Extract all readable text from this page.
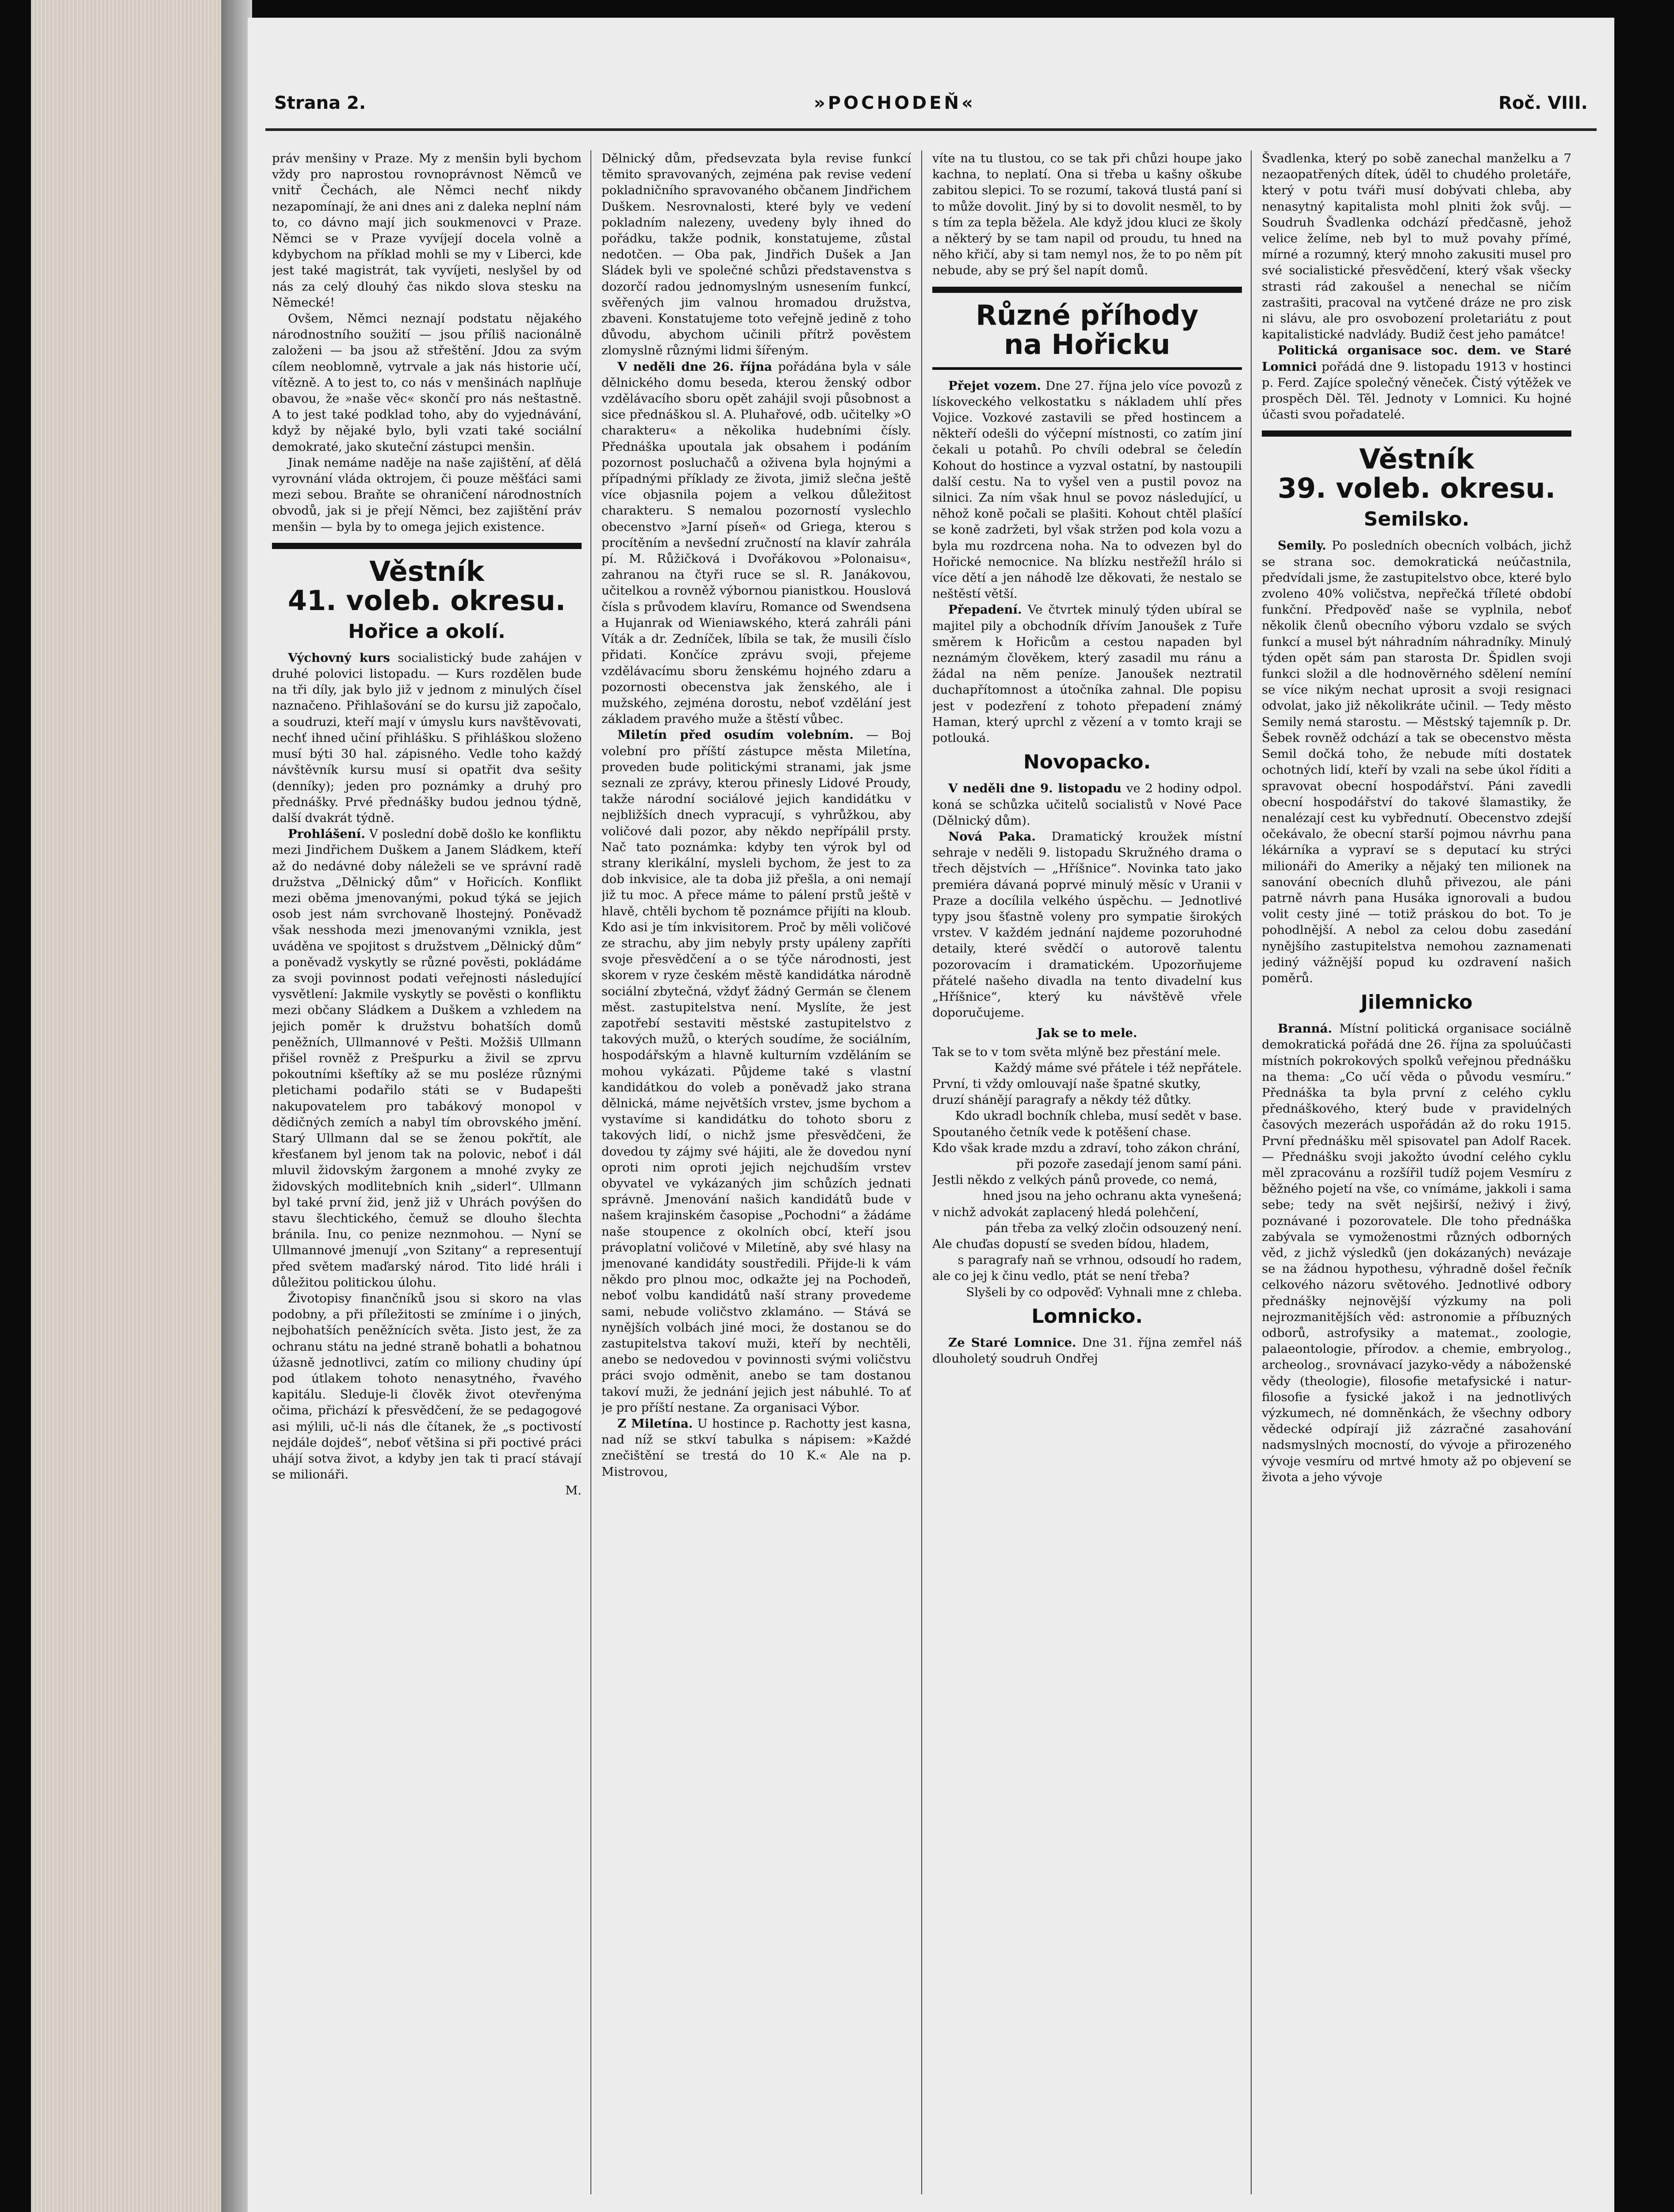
Strana 2.	»POCHODEŇ«	Roč. VIII.

práv menšiny v Praze. My z menšin byli bychom vždy pro naprostou rovnoprávnost Němců ve vnitř Čechách, ale Němci nechť nikdy nezapomínají, že ani dnes ani z daleka neplní nám to, co dávno mají jich soukmenovci v Praze. Němci se v Praze vyvíjejí docela volně a kdybychom na příklad mohli se my v Liberci, kde jest také magistrát, tak vyvíjeti, neslyšel by od nás za celý dlouhý čas nikdo slova stesku na Německé!

Ovšem, Němci neznají podstatu nějakého národnostního soužití — jsou příliš nacionálně založeni — ba jsou až střeštění. Jdou za svým cílem neoblomně, vytrvale a jak nás historie učí, vítězně. A to jest to, co nás v menšinách naplňuje obavou, že »naše věc« skončí pro nás neštastně. A to jest také podklad toho, aby do vyjednávání, když by nějaké bylo, byli vzati také sociální demokraté, jako skuteční zástupci menšin.

Jinak nemáme naděje na naše zajištění, ať dělá vyrovnání vláda oktrojem, či pouze měšťáci sami mezi sebou. Braňte se ohraničení národnostních obvodů, jak si je přejí Němci, bez zajištění práv menšin — byla by to omega jejich existence.

Věstník
41. voleb. okresu.
Hořice a okolí.

Výchovný kurs socialistický bude zahájen v druhé polovici listopadu. — Kurs rozdělen bude na tři díly, jak bylo již v jednom z minulých čísel naznačeno. Přihlašování se do kursu již započalo, a soudruzi, kteří mají v úmyslu kurs navštěvovati, nechť ihned učiní přihlášku. S přihláškou složeno musí býti 30 hal. zápisného. Vedle toho každý návštěvník kursu musí si opatřit dva sešity (denníky); jeden pro poznámky a druhý pro přednášky. Prvé přednášky budou jednou týdně, další dvakrát týdně.

Prohlášení. V poslední době došlo ke konfliktu mezi Jindřichem Duškem a Janem Sládkem, kteří až do nedávné doby náleželi se ve správní radě družstva „Dělnický dům“ v Hořicích. Konflikt mezi oběma jmenovanými, pokud týká se jejich osob jest nám svrchovaně lhostejný. Poněvadž však nesshoda mezi jmenovanými vznikla, jest uváděna ve spojitost s družstvem „Dělnický dům“ a poněvadž vyskytly se různé pověsti, pokládáme za svoji povinnost podati veřejnosti následující vysvětlení: Jakmile vyskytly se pověsti o konfliktu mezi občany Sládkem a Duškem a vzhledem na jejich poměr k družstvu bohatších domů peněžních, Ullmannové v Pešti. Možšiš Ullmann přišel rovněž z Prešpurku a živil se zprvu pokoutními kšeftíky až se mu posléze různými pletichami podařilo státi se v Budapešti nakupovatelem pro tabákový monopol v dědičných zemích a nabyl tím obrovského jmění. Starý Ullmann dal se se ženou pokřtít, ale křesťanem byl jenom tak na polovic, neboť i dál mluvil židovským žargonem a mnohé zvyky ze židovských modlitebních knih „siderl“. Ullmann byl také první žid, jenž již v Uhrách povýšen do stavu šlechtického, čemuž se dlouho šlechta bránila. Inu, co penize neznmohou. — Nyní se Ullmannové jmenují „von Szitany“ a representují před světem maďarský národ. Tito lidé hráli i důležitou politickou úlohu.

Životopisy finančníků jsou si skoro na vlas podobny, a při příležitosti se zmíníme i o jiných, nejbohatších peněžnících světa. Jisto jest, že za ochranu státu na jedné straně bohatli a bohatnou úžasně jednotlivci, zatím co miliony chudiny úpí pod útlakem tohoto nenasytného, řvavého kapitálu. Sleduje-li člověk život otevřenýma očima, přichází k přesvědčení, že se pedagogové asi mýlili, uč-li nás dle čítanek, že „s poctivostí nejdále dojdeš“, neboť většina si při poctivé práci uhájí sotva život, a kdyby jen tak ti prací stávají se milionáři.

M.

Dělnický dům, předsevzata byla revise funkcí těmito spravovaných, zejména pak revise vedení pokladničního spravovaného občanem Jindřichem Duškem. Nesrovnalosti, které byly ve vedení pokladním nalezeny, uvedeny byly ihned do pořádku, takže podnik, konstatujeme, zůstal nedotčen. — Oba pak, Jindřich Dušek a Jan Sládek byli ve společné schůzi představenstva s dozorčí radou jednomyslným usnesením funkcí, svěřených jim valnou hromadou družstva, zbaveni. Konstatujeme toto veřejně jedině z toho důvodu, abychom učinili přítrž pověstem zlomyslně různými lidmi šířeným.

V neděli dne 26. října pořádána byla v sále dělnického domu beseda, kterou ženský odbor vzdělávacího sboru opět zahájil svoji působnost a sice přednáškou sl. A. Pluhařové, odb. učitelky »O charakteru« a několika hudebními čísly. Přednáška upoutala jak obsahem i podáním pozornost posluchačů a oživena byla hojnými a případnými příklady ze života, jimiž slečna ještě více objasnila pojem a velkou důležitost charakteru. S nemalou pozorností vyslechlo obecenstvo »Jarní píseň« od Griega, kterou s procítěním a nevšední zručností na klavír zahrála pí. M. Růžičková i Dvořákovou »Polonaisu«, zahranou na čtyři ruce se sl. R. Janákovou, učitelkou a rovněž výbornou pianistkou. Houslová čísla s průvodem klavíru, Romance od Swendsena a Hujanrak od Wieniawského, která zahráli páni Víták a dr. Zedníček, líbila se tak, že musili číslo přidati. Končíce zprávu svoji, přejeme vzdělávacímu sboru ženskému hojného zdaru a pozornosti obecenstva jak ženského, ale i mužského, zejména dorostu, neboť vzdělání jest základem pravého muže a štěstí vůbec.

Miletín před osudím volebním. — Boj volební pro příští zástupce města Miletína, proveden bude politickými stranami, jak jsme seznali ze zprávy, kterou přinesly Lidové Proudy, takže národní sociálové jejich kandidátku v nejbližších dnech vypracují, s vyhrůžkou, aby voličové dali pozor, aby někdo nepřípálil prsty. Nač tato poznámka: kdyby ten výrok byl od strany klerikální, mysleli bychom, že jest to za dob inkvisice, ale ta doba již přešla, a oni nemají již tu moc. A přece máme to pálení prstů ještě v hlavě, chtěli bychom tě poznámce přijíti na kloub. Kdo asi je tím inkvisitorem. Proč by měli voličové ze strachu, aby jim nebyly prsty upáleny zapříti svoje přesvědčení a o se týče národnosti, jest skorem v ryze českém městě kandidátka národně sociální zbytečná, vždyť žádný Germán se členem měst. zastupitelstva není. Myslíte, že jest zapotřebí sestaviti městské zastupitelstvo z takových mužů, o kterých soudíme, že sociálním, hospodářským a hlavně kulturním vzděláním se mohou vykázati. Půjdeme také s vlastní kandidátkou do voleb a poněvadž jako strana dělnická, máme největších vrstev, jsme bychom a vystavíme si kandidátku do tohoto sboru z takových lidí, o nichž jsme přesvědčeni, že dovedou ty zájmy své hájiti, ale že dovedou nyní oproti nim oproti jejich nejchudším vrstev obyvatel ve vykázaných jim schůzích jednati správně. Jmenování našich kandidátů bude v našem krajinském časopise „Pochodni“ a žádáme naše stoupence z okolních obcí, kteří jsou právoplatní voličové v Miletíně, aby své hlasy na jmenované kandidáty soustředili. Přijde-li k vám někdo pro plnou moc, odkažte jej na Pochodeň, neboť volbu kandidátů naší strany provedeme sami, nebude voličstvo zklamáno. — Stává se nynějších volbách jiné moci, že dostanou se do zastupitelstva takoví muži, kteří by nechtěli, anebo se nedovedou v povinnosti svými voličstvu práci svojo odměnit, anebo se tam dostanou takoví muži, že jednání jejich jest nábuhlé. To ať je pro příští nestane. Za organisaci Výbor.

Z Miletína. U hostince p. Rachotty jest kasna, nad níž se stkví tabulka s nápisem: »Každé znečištění se trestá do 10 K.« Ale na p. Mistrovou,

víte na tu tlustou, co se tak při chůzi houpe jako kachna, to neplatí. Ona si třeba u kašny oškube zabitou slepici. To se rozumí, taková tlustá paní si to může dovolit. Jiný by si to dovolit nesměl, to by s tím za tepla běžela. Ale když jdou kluci ze školy a některý by se tam napil od proudu, tu hned na něho křičí, aby si tam nemyl nos, že to po něm pít nebude, aby se prý šel napít domů.

Různé příhody
na Hořicku

Přejet vozem. Dne 27. října jelo více povozů z lískoveckého velkostatku s nákladem uhlí přes Vojice. Vozkové zastavili se před hostincem a někteří odešli do výčepní místnosti, co zatím jiní čekali u potahů. Po chvíli odebral se čeledín Kohout do hostince a vyzval ostatní, by nastoupili další cestu. Na to vyšel ven a pustil povoz na silnici. Za ním však hnul se povoz následující, u něhož koně počali se plašiti. Kohout chtěl plašící se koně zadržeti, byl však stržen pod kola vozu a byla mu rozdrcena noha. Na to odvezen byl do Hořické nemocnice. Na blízku nestřežíl hrálo si více dětí a jen náhodě lze děkovati, že nestalo se neštěstí větší.

Přepadení. Ve čtvrtek minulý týden ubíral se majitel pily a obchodník dřívím Janoušek z Tuře směrem k Hořicům a cestou napaden byl neznámým člověkem, který zasadil mu ránu a žádal na něm peníze. Janoušek neztratil duchapřítomnost a útočníka zahnal. Dle popisu jest v podezření z tohoto přepadení známý Haman, který uprchl z vězení a v tomto kraji se potlouká.

Novopacko.

V neděli dne 9. listopadu ve 2 hodiny odpol. koná se schůzka učitelů socialistů v Nové Pace (Dělnický dům).

Nová Paka. Dramatický kroužek místní sehraje v neděli 9. listopadu Skružného drama o třech dějstvích — „Hříšnice“. Novinka tato jako premiéra dávaná poprvé minulý měsíc v Uranii v Praze a docílila velkého úspěchu. — Jednotlivé typy jsou šťastně voleny pro sympatie širokých vrstev. V každém jednání najdeme pozoruhodné detaily, které svědčí o autorově talentu pozorovacím i dramatickém. Upozorňujeme přátelé našeho divadla na tento divadelní kus „Hříšnice“, který ku návštěvě vřele doporučujeme.

Jak se to mele.

Tak se to v tom světa mlýně bez přestání mele.

Každý máme své přátele i též nepřátele.

První, ti vždy omlouvají naše špatné skutky,

druzí shánějí paragrafy a někdy též důtky.

Kdo ukradl bochník chleba, musí sedět v base.

Spoutaného četník vede k potěšení chase.

Kdo však krade mzdu a zdraví, toho zákon chrání,

při pozoře zasedají jenom samí páni.

Jestli někdo z velkých pánů provede, co nemá,

hned jsou na jeho ochranu akta vynešená;

v nichž advokát zaplacený hledá polehčení,

pán třeba za velký zločin odsouzený není.

Ale chuďas dopustí se sveden bídou, hladem,

s paragrafy naň se vrhnou, odsoudí ho radem,

ale co jej k činu vedlo, ptát se není třeba?

Slyšeli by co odpověď: Vyhnali mne z chleba.

Lomnicko.

Ze Staré Lomnice. Dne 31. října zemřel náš dlouholetý soudruh Ondřej

Švadlenka, který po sobě zanechal manželku a 7 nezaopatřených dítek, úděl to chudého proletáře, který v potu tváři musí dobývati chleba, aby nenasytný kapitalista mohl plniti žok svůj. — Soudruh Švadlenka odchází předčasně, jehož velice želíme, neb byl to muž povahy přímé, mírné a rozumný, který mnoho zakusiti musel pro své socialistické přesvědčení, který však všecky strasti rád zakoušel a nenechal se ničím zastrašiti, pracoval na vytčené dráze ne pro zisk ni slávu, ale pro osvobození proletariátu z pout kapitalistické nadvlády. Budiž čest jeho památce!

Politická organisace soc. dem. ve Staré Lomnici pořádá dne 9. listopadu 1913 v hostinci p. Ferd. Zajíce společný věneček. Čistý výtěžek ve prospěch Děl. Těl. Jednoty v Lomnici. Ku hojné účasti svou pořadatelé.

Věstník
39. voleb. okresu.
Semilsko.

Semily. Po posledních obecních volbách, jichž se strana soc. demokratická neúčastnila, předvídali jsme, že zastupitelstvo obce, které bylo zvoleno 40% voličstva, nepřečká tříleté období funkční. Předpověď naše se vyplnila, neboť několik členů obecního výboru vzdalo se svých funkcí a musel být náhradním náhradníky. Minulý týden opět sám pan starosta Dr. Špidlen svoji funkci složil a dle hodnověrného sdělení nemíní se více nikým nechat uprosit a svoji resignaci odvolat, jako již několikráte učinil. — Tedy město Semily nemá starostu. — Městský tajemník p. Dr. Šebek rovněž odchází a tak se obecenstvo města Semil dočká toho, že nebude míti dostatek ochotných lidí, kteří by vzali na sebe úkol říditi a spravovat obecní hospodářství. Páni zavedli obecní hospodářství do takové šlamastiky, že nenalézají cest ku vybřednutí. Obecenstvo zdejší očekávalo, že obecní starší pojmou návrhu pana lékárníka a vypraví se s deputací ku strýci milionáři do Ameriky a nějaký ten milionek na sanování obecních dluhů přivezou, ale páni patrně návrh pana Husáka ignorovali a budou volit cesty jiné — totiž práskou do bot. To je pohodlnější. A nebol za celou dobu zasedání nynějšího zastupitelstva nemohou zaznamenati jediný vážnější popud ku ozdravení našich poměrů.

Jilemnicko

Branná. Místní politická organisace sociálně demokratická pořádá dne 26. října za spoluúčasti místních pokrokových spolků veřejnou přednášku na thema: „Co učí věda o původu vesmíru.“ Přednáška ta byla první z celého cyklu přednáškového, který bude v pravidelných časových mezerách uspořádán až do roku 1915. První přednášku měl spisovatel pan Adolf Racek. — Přednášku svoji jakožto úvodní celého cyklu měl zpracovánu a rozšířil tudíž pojem Vesmíru z běžného pojetí na vše, co vnímáme, jakkoli i sama sebe; tedy na svět nejširší, neživý i živý, poznávané i pozorovatele. Dle toho přednáška zabývala se vymoženostmi různých odborných věd, z jichž výsledků (jen dokázaných) nevázaje se na žádnou hypothesu, výhradně došel řečník celkového názoru světového. Jednotlivé odbory přednášky nejnovější výzkumy na poli nejrozmanitějších věd: astronomie a příbuzných odborů, astrofysiky a matemat., zoologie, palaeontologie, přírodov. a chemie, embryolog., archeolog., srovnávací jazyko-vědy a náboženské vědy (theologie), filosofie metafysické i natur-filosofie a fysické jakož i na jednotlivých výzkumech, né domněnkách, že všechny odbory vědecké odpírají již zázračné zasahování nadsmyslných mocností, do vývoje a přirozeného vývoje vesmíru od mrtvé hmoty až po objevení se života a jeho vývoje
